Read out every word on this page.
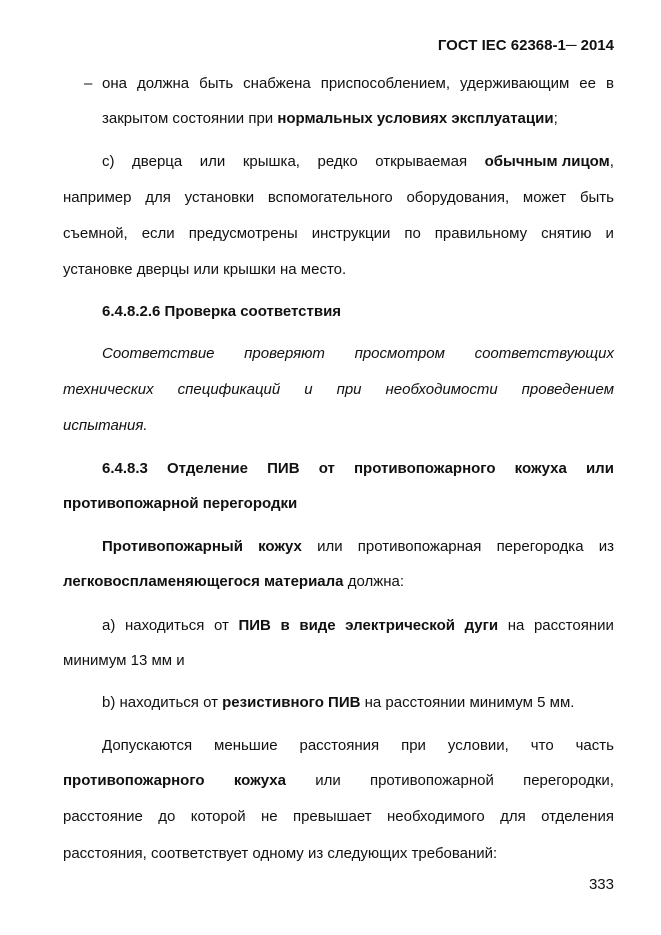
ГОСТ IEC 62368-1─ 2014
– она должна быть снабжена приспособлением, удерживающим ее в
закрытом состоянии при нормальных условиях эксплуатации;
с) дверца или крышка, редко открываемая обычным лицом,
например для установки вспомогательного оборудования, может быть
съемной, если предусмотрены инструкции по правильному снятию и
установке дверцы или крышки на место.
6.4.8.2.6 Проверка соответствия
Соответствие проверяют просмотром соответствующих
технических спецификаций и при необходимости проведением
испытания.
6.4.8.3 Отделение ПИВ от противопожарного кожуха или
противопожарной перегородки
Противопожарный кожух или противопожарная перегородка из
легковоспламеняющегося материала должна:
а) находиться от ПИВ в виде электрической дуги на расстоянии
минимум 13 мм и
b) находиться от резистивного ПИВ на расстоянии минимум 5 мм.
Допускаются меньшие расстояния при условии, что часть
противопожарного кожуха или противопожарной перегородки,
расстояние до которой не превышает необходимого для отделения
расстояния, соответствует одному из следующих требований:
333
